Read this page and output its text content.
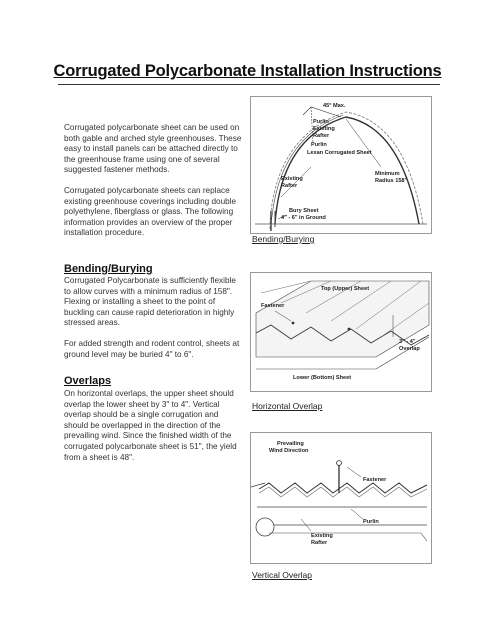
Corrugated Polycarbonate Installation Instructions

Corrugated polycarbonate sheet can be used on both gable and arched style greenhouses. These easy to install panels can be attached directly to the greenhouse frame using one of several suggested fastener methods.

Corrugated polycarbonate sheets can replace existing greenhouse coverings including double polyethylene, fiberglass or glass. The following information provides an overview of the proper installation procedure.

Bending/Burying

Corrugated Polycarbonate is sufficiently flexible to allow curves with a minimum radius of 158". Flexing or installing a sheet to the point of buckling can cause rapid deterioration in highly stressed areas.

For added strength and rodent control, sheets at ground level may be buried 4" to 6".

Overlaps

On horizontal overlaps, the upper sheet should overlap the lower sheet by 3" to 4". Vertical overlap should be a single corrugation and should be overlapped in the direction of the prevailing wind. Since the finished width of the corrugated polycarbonate sheet is 51", the yield from a sheet is 48".

45° Max.
Purlin
Existing
Rafter
Purlin
Lexan Corrugated Sheet
Minimum
Radius 158"
Existing
Rafter
Bury Sheet
4" - 6" in Ground
Bending/Burying
Top (Upper) Sheet
Fastener
3" - 4"
Overlap
Lower (Bottom) Sheet
Horizontal Overlap
Prevailing
Wind Direction
Fastener
Purlin
Existing
Rafter
Vertical Overlap
